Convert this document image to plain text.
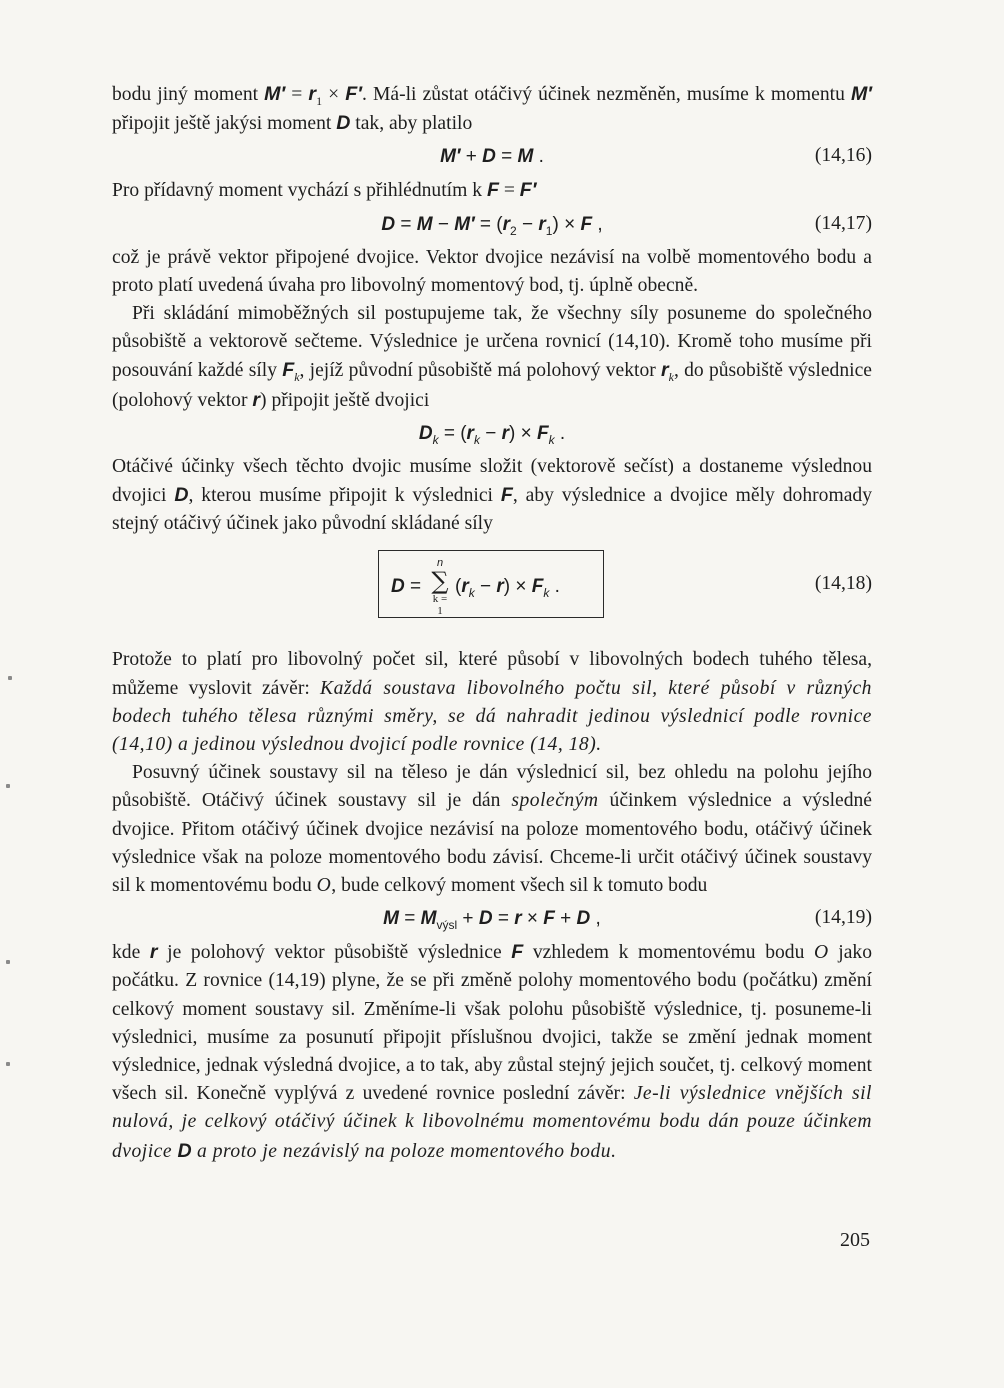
bodu jiný moment $M' = r_1 \times F'$. Má-li zůstat otáčivý účinek nezměněn, musíme k momentu M′ připojit ještě jakýsi moment D tak, aby platilo

M′ + D = M .	(14,16)

Pro přídavný moment vychází s přihlédnutím k F = F′

$D = M - M' = (r_2 - r_1) \times F$ ,	(14,17)

což je právě vektor připojené dvojice. Vektor dvojice nezávisí na volbě momentového bodu a proto platí uvedená úvaha pro libovolný momentový bod, tj. úplně obecně.

Při skládání mimoběžných sil postupujeme tak, že všechny síly posuneme do společného působiště a vektorově sečteme. Výslednice je určena rovnicí (14,10). Kromě toho musíme při posouvání každé síly $F_k$, jejíž původní působiště má polohový vektor $r_k$, do působiště výslednice (polohový vektor r) připojit ještě dvojici

$D_k = (r_k - r) \times F_k$ .

Otáčivé účinky všech těchto dvojic musíme složit (vektorově sečíst) a dostaneme výslednou dvojici D, kterou musíme připojit k výslednici F, aby výslednice a dvojice měly dohromady stejný otáčivý účinek jako původní skládané síly

D =
n
∑
k = 1
$(r_k - r) \times F_k$ .	(14,18)

Protože to platí pro libovolný počet sil, které působí v libovolných bodech tuhého tělesa, můžeme vyslovit závěr: Každá soustava libovolného počtu sil, které působí v různých bodech tuhého tělesa různými směry, se dá nahradit jedinou výslednicí podle rovnice (14,10) a jedinou výslednou dvojicí podle rovnice (14, 18).

Posuvný účinek soustavy sil na těleso je dán výslednicí sil, bez ohledu na polohu jejího působiště. Otáčivý účinek soustavy sil je dán společným účinkem výslednice a výsledné dvojice. Přitom otáčivý účinek dvojice nezávisí na poloze momentového bodu, otáčivý účinek výslednice však na poloze momentového bodu závisí. Chceme-li určit otáčivý účinek soustavy sil k momentovému bodu O, bude celkový moment všech sil k tomuto bodu

$M = M_{výsl} + D = r \times F + D$ ,	(14,19)

kde r je polohový vektor působiště výslednice F vzhledem k momentovému bodu O jako počátku. Z rovnice (14,19) plyne, že se při změně polohy momentového bodu (počátku) změní celkový moment soustavy sil. Změníme-li však polohu působiště výslednice, tj. posuneme-li výslednici, musíme za posunutí připojit příslušnou dvojici, takže se změní jednak moment výslednice, jednak výsledná dvojice, a to tak, aby zůstal stejný jejich součet, tj. celkový moment všech sil. Konečně vyplývá z uvedené rovnice poslední závěr: Je-li výslednice vnějších sil nulová, je celkový otáčivý účinek k libovolnému momentovému bodu dán pouze účinkem dvojice D a proto je nezávislý na poloze momentového bodu.

205
